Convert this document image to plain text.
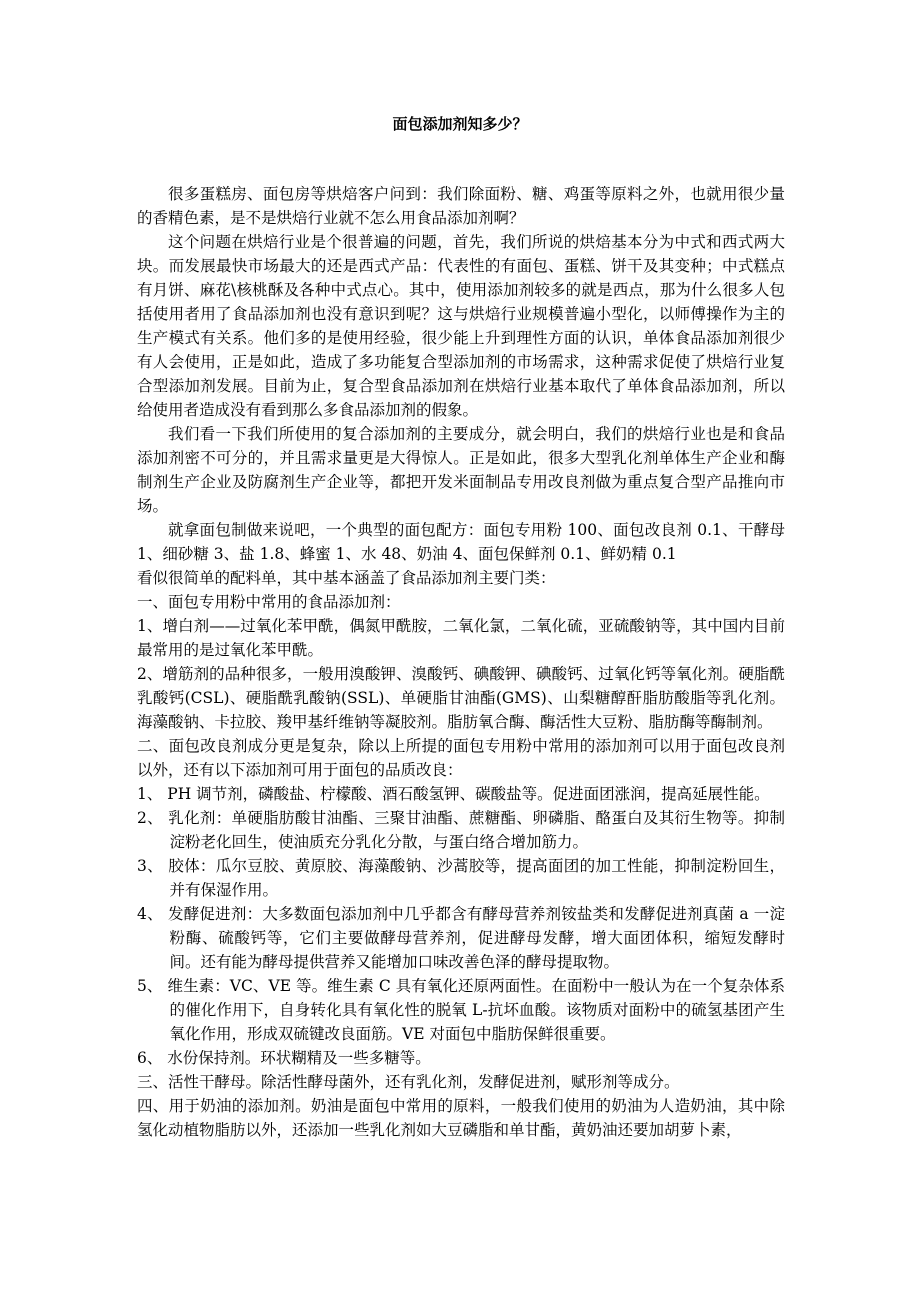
面包添加剂知多少？

很多蛋糕房、面包房等烘焙客户问到：我们除面粉、糖、鸡蛋等原料之外，也就用很少量的香精色素，是不是烘焙行业就不怎么用食品添加剂啊？

这个问题在烘焙行业是个很普遍的问题，首先，我们所说的烘焙基本分为中式和西式两大块。而发展最快市场最大的还是西式产品：代表性的有面包、蛋糕、饼干及其变种；中式糕点有月饼、麻花\核桃酥及各种中式点心。其中，使用添加剂较多的就是西点，那为什么很多人包括使用者用了食品添加剂也没有意识到呢？这与烘焙行业规模普遍小型化，以师傅操作为主的生产模式有关系。他们多的是使用经验，很少能上升到理性方面的认识，单体食品添加剂很少有人会使用，正是如此，造成了多功能复合型添加剂的市场需求，这种需求促使了烘焙行业复合型添加剂发展。目前为止，复合型食品添加剂在烘焙行业基本取代了单体食品添加剂，所以给使用者造成没有看到那么多食品添加剂的假象。

我们看一下我们所使用的复合添加剂的主要成分，就会明白，我们的烘焙行业也是和食品添加剂密不可分的，并且需求量更是大得惊人。正是如此，很多大型乳化剂单体生产企业和酶制剂生产企业及防腐剂生产企业等，都把开发米面制品专用改良剂做为重点复合型产品推向市场。

就拿面包制做来说吧，一个典型的面包配方：面包专用粉 100、面包改良剂 0.1、干酵母 1、细砂糖 3、盐 1.8、蜂蜜 1、水 48、奶油 4、面包保鲜剂 0.1、鲜奶精 0.1

看似很简单的配料单，其中基本涵盖了食品添加剂主要门类：

一、面包专用粉中常用的食品添加剂：

1、增白剂——过氧化苯甲酰，偶氮甲酰胺，二氧化氯，二氧化硫，亚硫酸钠等，其中国内目前最常用的是过氧化苯甲酰。

2、增筋剂的品种很多，一般用溴酸钾、溴酸钙、碘酸钾、碘酸钙、过氧化钙等氧化剂。硬脂酰乳酸钙(CSL)、硬脂酰乳酸钠(SSL)、单硬脂甘油酯(GMS)、山梨糖醇酐脂肪酸脂等乳化剂。海藻酸钠、卡拉胶、羧甲基纤维钠等凝胶剂。脂肪氧合酶、酶活性大豆粉、脂肪酶等酶制剂。

二、面包改良剂成分更是复杂，除以上所提的面包专用粉中常用的添加剂可以用于面包改良剂以外，还有以下添加剂可用于面包的品质改良：

1、 PH 调节剂，磷酸盐、柠檬酸、酒石酸氢钾、碳酸盐等。促进面团涨润，提高延展性能。

2、 乳化剂：单硬脂肪酸甘油酯、三聚甘油酯、蔗糖酯、卵磷脂、酪蛋白及其衍生物等。抑制淀粉老化回生，使油质充分乳化分散，与蛋白络合增加筋力。

3、 胶体：瓜尔豆胶、黄原胶、海藻酸钠、沙蒿胶等，提高面团的加工性能，抑制淀粉回生，并有保湿作用。

4、 发酵促进剂：大多数面包添加剂中几乎都含有酵母营养剂铵盐类和发酵促进剂真菌 a 一淀粉酶、硫酸钙等，它们主要做酵母营养剂，促进酵母发酵，增大面团体积，缩短发酵时间。还有能为酵母提供营养又能增加口味改善色泽的酵母提取物。

5、 维生素：VC、VE 等。维生素 C 具有氧化还原两面性。在面粉中一般认为在一个复杂体系的催化作用下，自身转化具有氧化性的脱氧 L-抗坏血酸。该物质对面粉中的硫氢基团产生氧化作用，形成双硫键改良面筋。VE 对面包中脂肪保鲜很重要。

6、 水份保持剂。环状糊精及一些多糖等。

三、活性干酵母。除活性酵母菌外，还有乳化剂，发酵促进剂，赋形剂等成分。

四、用于奶油的添加剂。奶油是面包中常用的原料，一般我们使用的奶油为人造奶油，其中除氢化动植物脂肪以外，还添加一些乳化剂如大豆磷脂和单甘酯，黄奶油还要加胡萝卜素，
